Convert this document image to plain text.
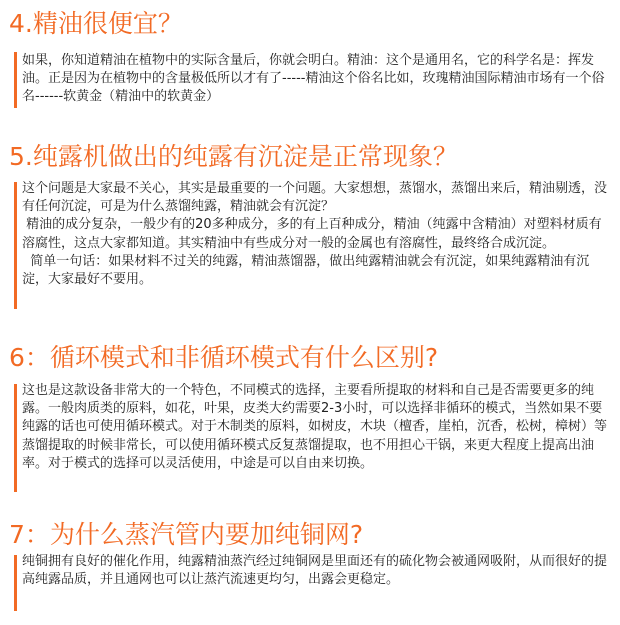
4.精油很便宜？

如果，你知道精油在植物中的实际含量后，你就会明白。精油：这个是通用名，它的科学名是：挥发油。正是因为在植物中的含量极低所以才有了-----精油这个俗名比如，玫瑰精油国际精油市场有一个俗名------软黄金（精油中的软黄金）

5.纯露机做出的纯露有沉淀是正常现象？

这个问题是大家最不关心，其实是最重要的一个问题。大家想想，蒸馏水，蒸馏出来后，精油剔透，没有任何沉淀，可是为什么蒸馏纯露，精油就会有沉淀？

精油的成分复杂，一般少有的20多种成分，多的有上百种成分，精油（纯露中含精油）对塑料材质有溶腐性，这点大家都知道。其实精油中有些成分对一般的金属也有溶腐性，最终络合成沉淀。

简单一句话：如果材料不过关的纯露，精油蒸馏器，做出纯露精油就会有沉淀，如果纯露精油有沉淀，大家最好不要用。

6：循环模式和非循环模式有什么区别?

这也是这款设备非常大的一个特色，不同模式的选择，主要看所提取的材料和自己是否需要更多的纯露。一般肉质类的原料，如花，叶果，皮类大约需要2-3小时，可以选择非循环的模式，当然如果不要纯露的话也可使用循环模式。对于木制类的原料，如树皮，木块（檀香，崖柏，沉香，松树，樟树）等蒸馏提取的时候非常长，可以使用循环模式反复蒸馏提取，也不用担心干锅，来更大程度上提高出油率。对于模式的选择可以灵活使用，中途是可以自由来切换。

7：为什么蒸汽管内要加纯铜网?

纯铜拥有良好的催化作用，纯露精油蒸汽经过纯铜网是里面还有的硫化物会被通网吸附，从而很好的提高纯露品质，并且通网也可以让蒸汽流速更均匀，出露会更稳定。
